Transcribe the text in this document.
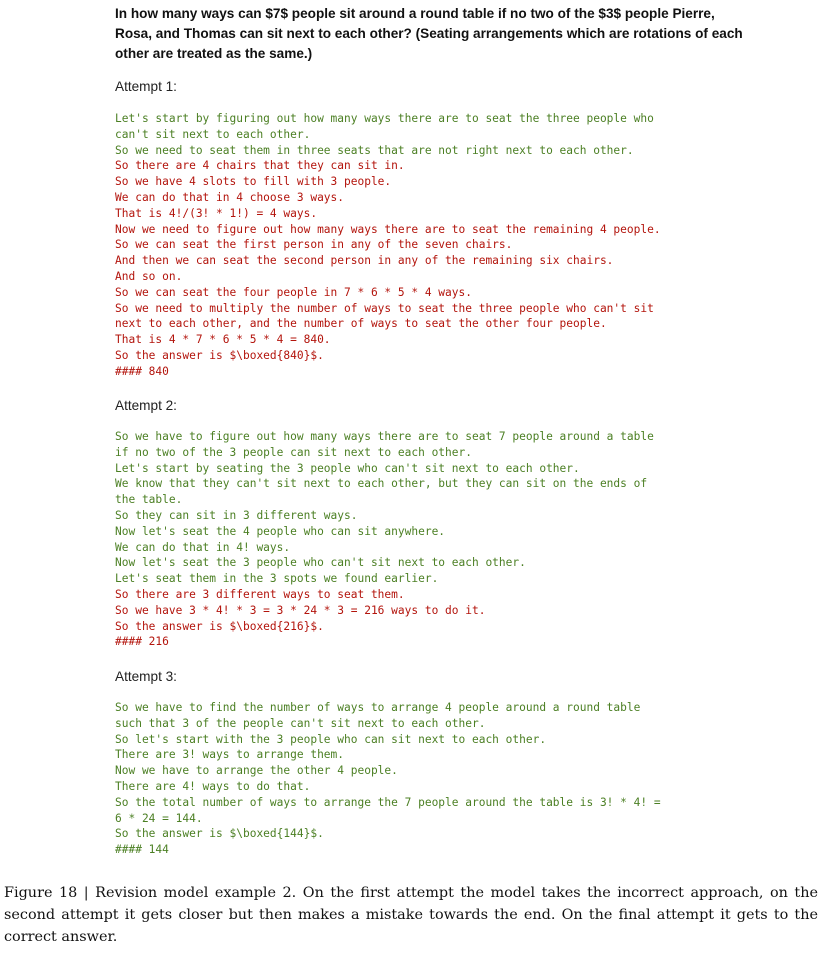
In how many ways can $7$ people sit around a round table if no two of the $3$ people Pierre, Rosa, and Thomas can sit next to each other? (Seating arrangements which are rotations of each other are treated as the same.)
Attempt 1:
Let's start by figuring out how many ways there are to seat the three people who
can't sit next to each other.
So we need to seat them in three seats that are not right next to each other.
So there are 4 chairs that they can sit in.
So we have 4 slots to fill with 3 people.
We can do that in 4 choose 3 ways.
That is 4!/(3! * 1!) = 4 ways.
Now we need to figure out how many ways there are to seat the remaining 4 people.
So we can seat the first person in any of the seven chairs.
And then we can seat the second person in any of the remaining six chairs.
And so on.
So we can seat the four people in 7 * 6 * 5 * 4 ways.
So we need to multiply the number of ways to seat the three people who can't sit
next to each other, and the number of ways to seat the other four people.
That is 4 * 7 * 6 * 5 * 4 = 840.
So the answer is $\boxed{840}$.
#### 840
Attempt 2:
So we have to figure out how many ways there are to seat 7 people around a table
if no two of the 3 people can sit next to each other.
Let's start by seating the 3 people who can't sit next to each other.
We know that they can't sit next to each other, but they can sit on the ends of
the table.
So they can sit in 3 different ways.
Now let's seat the 4 people who can sit anywhere.
We can do that in 4! ways.
Now let's seat the 3 people who can't sit next to each other.
Let's seat them in the 3 spots we found earlier.
So there are 3 different ways to seat them.
So we have 3 * 4! * 3 = 3 * 24 * 3 = 216 ways to do it.
So the answer is $\boxed{216}$.
#### 216
Attempt 3:
So we have to find the number of ways to arrange 4 people around a round table
such that 3 of the people can't sit next to each other.
So let's start with the 3 people who can sit next to each other.
There are 3! ways to arrange them.
Now we have to arrange the other 4 people.
There are 4! ways to do that.
So the total number of ways to arrange the 7 people around the table is 3! * 4! =
6 * 24 = 144.
So the answer is $\boxed{144}$.
#### 144
Figure 18 | Revision model example 2. On the first attempt the model takes the incorrect approach, on the second attempt it gets closer but then makes a mistake towards the end. On the final attempt it gets to the correct answer.
